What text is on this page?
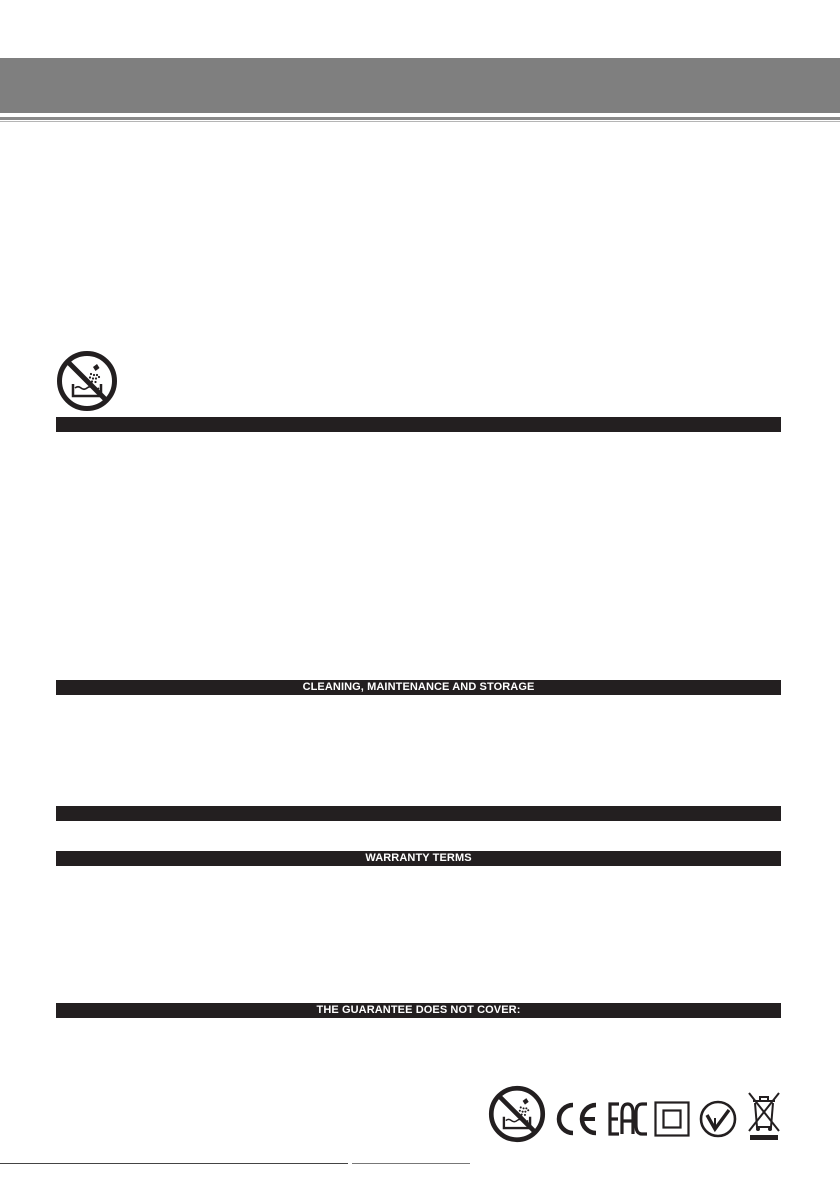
CLEANING, MAINTENANCE AND STORAGE
WARRANTY TERMS
THE GUARANTEE DOES NOT COVER:
